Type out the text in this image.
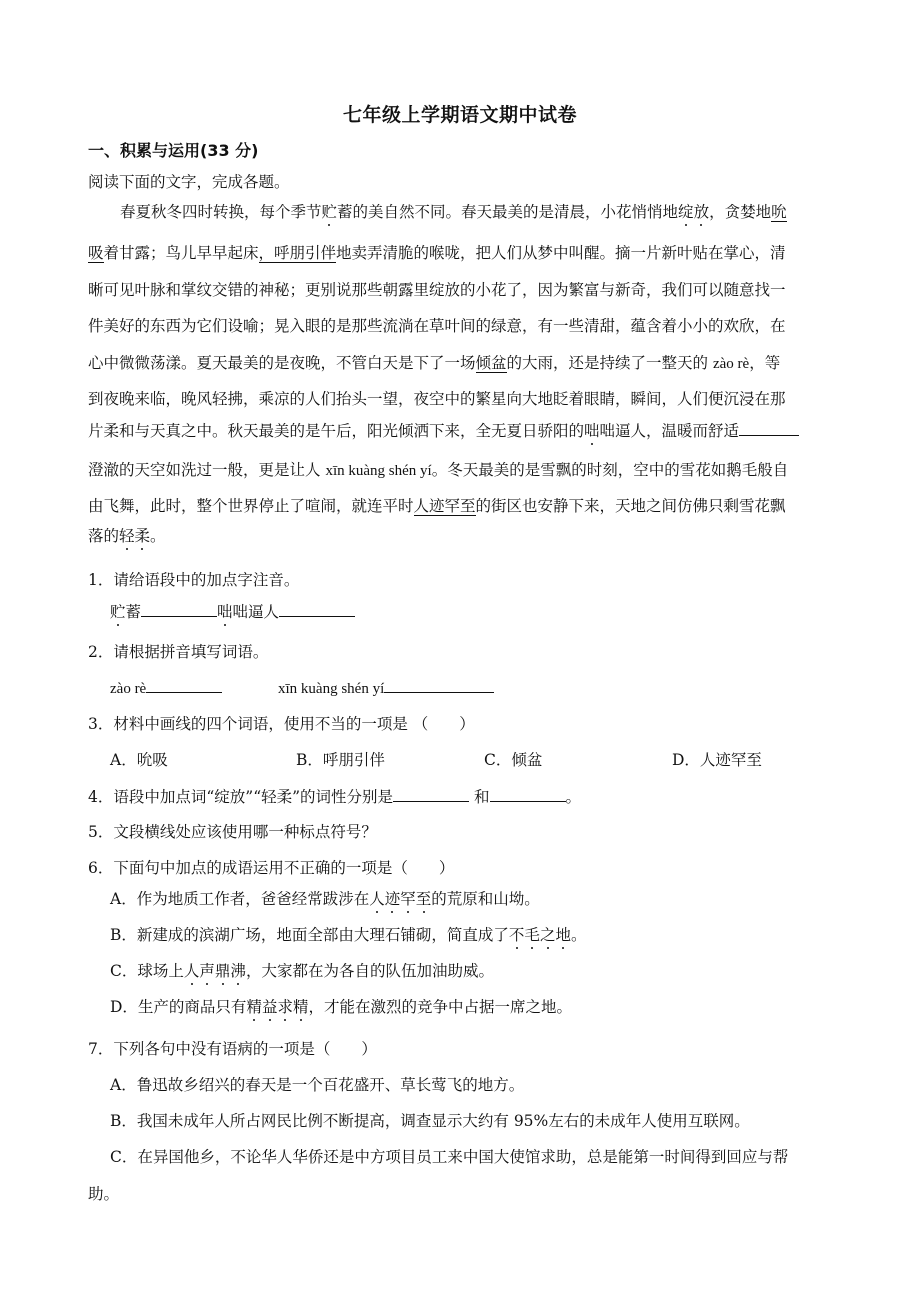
七年级上学期语文期中试卷
一、积累与运用(33 分)
阅读下面的文字，完成各题。
春夏秋冬四时转换，每个季节贮蓄的美自然不同。春天最美的是清晨，小花悄悄地绽放，贪婪地吮
吸着甘露；鸟儿早早起床，呼朋引伴地卖弄清脆的喉咙，把人们从梦中叫醒。摘一片新叶贴在掌心，清
晰可见叶脉和掌纹交错的神秘；更别说那些朝露里绽放的小花了，因为繁富与新奇，我们可以随意找一
件美好的东西为它们设喻；晃入眼的是那些流淌在草叶间的绿意，有一些清甜，蕴含着小小的欢欣，在
心中微微荡漾。夏天最美的是夜晚，不管白天是下了一场倾盆的大雨，还是持续了一整天的 zào rè，等
到夜晚来临，晚风轻拂，乘凉的人们抬头一望，夜空中的繁星向大地眨着眼睛，瞬间，人们便沉浸在那
片柔和与天真之中。秋天最美的是午后，阳光倾洒下来，全无夏日骄阳的咄咄逼人，温暖而舒适
澄澈的天空如洗过一般，更是让人 xīn kuàng shén yí。冬天最美的是雪飘的时刻，空中的雪花如鹅毛般自
由飞舞，此时，整个世界停止了喧闹，就连平时人迹罕至的街区也安静下来，天地之间仿佛只剩雪花飘
落的轻柔。
1．请给语段中的加点字注音。
贮蓄	咄咄逼人
2．请根据拼音填写词语。
zào rè	xīn kuàng shén yí
3．材料中画线的四个词语，使用不当的一项是 （　　）
A．吮吸	B．呼朋引伴	C．倾盆	D．人迹罕至
4．语段中加点词“绽放”“轻柔”的词性分别是	和	。
5．文段横线处应该使用哪一种标点符号？
6．下面句中加点的成语运用不正确的一项是（　　）
A．作为地质工作者，爸爸经常跋涉在人迹罕至的荒原和山坳。
B．新建成的滨湖广场，地面全部由大理石铺砌，简直成了不毛之地。
C．球场上人声鼎沸，大家都在为各自的队伍加油助威。
D．生产的商品只有精益求精，才能在激烈的竞争中占据一席之地。
7．下列各句中没有语病的一项是（　　）
A．鲁迅故乡绍兴的春天是一个百花盛开、草长莺飞的地方。
B．我国未成年人所占网民比例不断提高，调查显示大约有 95%左右的未成年人使用互联网。
C．在异国他乡，不论华人华侨还是中方项目员工来中国大使馆求助，总是能第一时间得到回应与帮
助。
